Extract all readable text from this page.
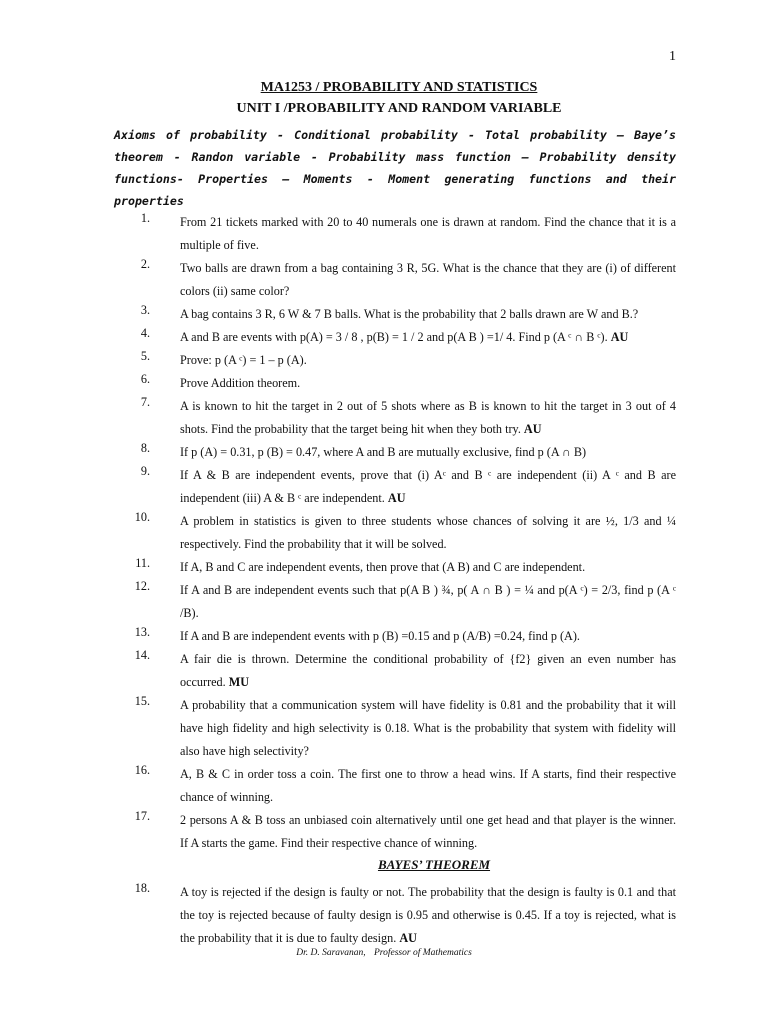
1
MA1253 / PROBABILITY AND STATISTICS
UNIT I /PROBABILITY AND RANDOM VARIABLE
Axioms of probability - Conditional probability - Total probability – Baye’s theorem - Randon variable - Probability mass function – Probability density functions- Properties – Moments - Moment generating functions and their properties
1. From 21 tickets marked with 20 to 40 numerals one is drawn at random. Find the chance that it is a multiple of five.
2. Two balls are drawn from a bag containing 3 R, 5G. What is the chance that they are (i) of different colors (ii) same color?
3. A bag contains 3 R, 6 W & 7 B balls. What is the probability that 2 balls drawn are W and B.?
4. A and B are events with p(A) = 3 / 8 , p(B) = 1 / 2 and p(A B ) =1/ 4. Find p (A ᶜ ∩ B ᶜ). AU
5. Prove: p (A ᶜ) = 1 – p (A).
6. Prove Addition theorem.
7. A is known to hit the target in 2 out of 5 shots where as B is known to hit the target in 3 out of 4 shots. Find the probability that the target being hit when they both try. AU
8. If p (A) = 0.31, p (B) = 0.47, where A and B are mutually exclusive, find p (A ∩ B)
9. If A & B are independent events, prove that (i) Aᶜ and B ᶜ are independent (ii) A ᶜ and B are independent (iii) A & B ᶜ are independent. AU
10. A problem in statistics is given to three students whose chances of solving it are ½, 1/3 and ¼ respectively. Find the probability that it will be solved.
11. If A, B and C are independent events, then prove that (A B) and C are independent.
12. If A and B are independent events such that p(A B ) ¾, p( A ∩ B ) = ¼ and p(A ᶜ) = 2/3, find p (A ᶜ /B).
13. If A and B are independent events with p (B) =0.15 and p (A/B) =0.24, find p (A).
14. A fair die is thrown. Determine the conditional probability of {f2} given an even number has occurred. MU
15. A probability that a communication system will have fidelity is 0.81 and the probability that it will have high fidelity and high selectivity is 0.18. What is the probability that system with fidelity will also have high selectivity?
16. A, B & C in order toss a coin. The first one to throw a head wins. If A starts, find their respective chance of winning.
17. 2 persons A & B toss an unbiased coin alternatively until one get head and that player is the winner. If A starts the game. Find their respective chance of winning.
BAYES’ THEOREM
18. A toy is rejected if the design is faulty or not. The probability that the design is faulty is 0.1 and that the toy is rejected because of faulty design is 0.95 and otherwise is 0.45. If a toy is rejected, what is the probability that it is due to faulty design. AU
Dr. D. Saravanan, Professor of Mathematics
